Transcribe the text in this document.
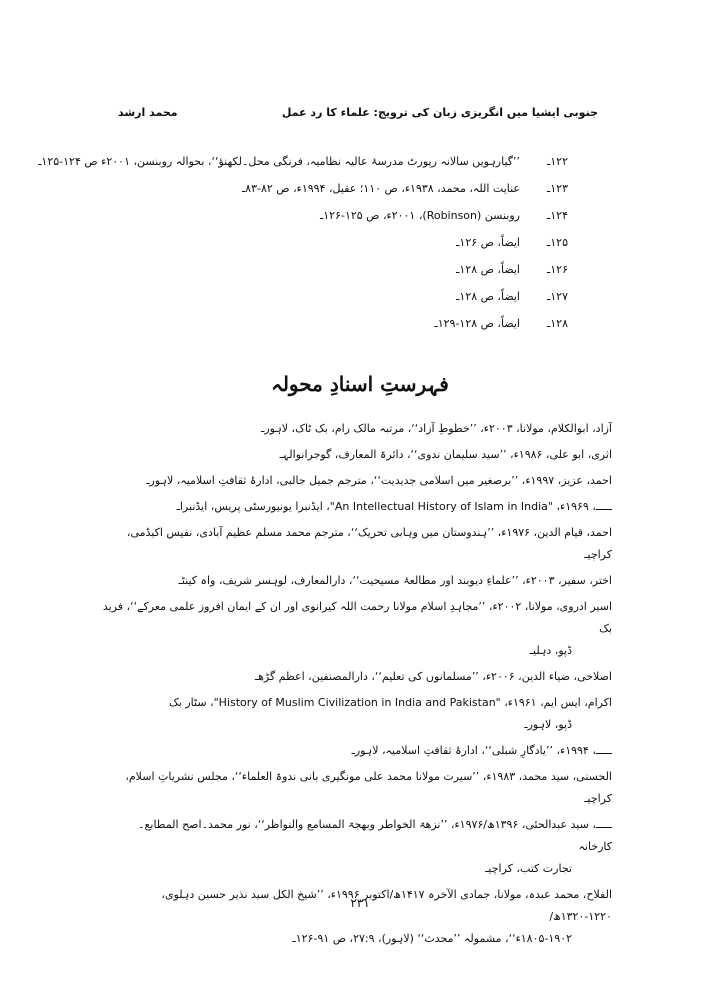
محمد ارشد	جنوبی ایشیا میں انگریزی زبان کی ترویج: علماء کا رد عمل
۱۲۲ـ’’گیارہویں سالانہ رپورٹ مدرسۂ عالیہ نظامیہ، فرنگی محل۔لکھنؤ‘‘، بحوالہ روبنسن، ۲۰۰۱ء ص ۱۲۴-۱۲۵ـ
۱۲۳ـعنایت اللہ، محمد، ۱۹۳۸ء، ص ۱۱۰؛ عقیل، ۱۹۹۴ء، ص ۸۲-۸۳ـ
۱۲۴ـروبنسن (Robinson)، ۲۰۰۱ء، ص ۱۲۵-۱۲۶ـ
۱۲۵ـایضاً، ص ۱۲۶ـ
۱۲۶ـایضاً، ص ۱۲۸ـ
۱۲۷ـایضاً، ص ۱۲۸ـ
۱۲۸ـایضاً، ص ۱۲۸-۱۲۹ـ
فہرستِ اسنادِ محولہ
آزاد، ابوالکلام، مولانا، ۲۰۰۳ء، ’’خطوطِ آزاد‘‘، مرتبہ مالک رام، بک ٹاک، لاہورـ
اثری، ابو علی، ۱۹۸۶ء، ’’سید سلیمان ندوی‘‘، دائرۃ المعارف، گوجرانوالہـ
احمد، عزیز، ۱۹۹۷ء، ’’برصغیر میں اسلامی جدیدیت‘‘، مترجم جمیل جالبی، ادارۂ ثقافتِ اسلامیہ، لاہورـ
ـــــ، ۱۹۶۹ء، "An Intellectual History of Islam in India"، ایڈنبرا یونیورسٹی پریس، ایڈنبراـ
احمد، قیام الدین، ۱۹۷۶ء، ’’ہندوستان میں وہابی تحریک‘‘، مترجم محمد مسلم عظیم آبادی، نفیس اکیڈمی، کراچیـ
اختر، سفیر، ۲۰۰۳ء، ’’علماءِ دیوبند اور مطالعۂ مسیحیت‘‘، دارالمعارف، لوہسر شریف، واہ کینٹـ
اسیر ادروی، مولانا، ۲۰۰۲ء، ’’مجاہدِ اسلام مولانا رحمت اللہ کیرانوی اور ان کے ایمان افروز علمی معرکے‘‘، فرید بک
ڈپو، دہلیـ
اصلاحی، ضیاء الدین، ۲۰۰۶ء، ’’مسلمانوں کی تعلیم‘‘، دارالمصنفین، اعظم گڑھـ
اکرام، ایس ایم، ۱۹۶۱ء، "History of Muslim Civilization in India and Pakistan"، سٹار بک
ڈپو، لاہورـ
ـــــ، ۱۹۹۴ء، ’’یادگارِ شبلی‘‘، ادارۂ ثقافتِ اسلامیہ، لاہورـ
الحسنی، سید محمد، ۱۹۸۳ء، ’’سیرت مولانا محمد علی مونگیری بانی ندوۃ العلماء‘‘، مجلس نشریاتِ اسلام، کراچیـ
ـــــ، سید عبدالحئی، ۱۳۹۶ھ/۱۹۷۶ء، ’’نزھۃ الخواطر وبھجۃ المسامع والنواظر‘‘، نور محمد۔اصح المطابع۔ کارخانہ
تجارت کتب، کراچیـ
الفلاح، محمد عبدہ، مولانا، جمادی الآخرہ ۱۴۱۷ھ/اکتوبر ۱۹۹۶ء، ’’شیخ الکل سید نذیر حسین دہلوی، ۱۲۲۰-۱۳۲۰ھ/
۱۸۰۵-۱۹۰۲ء‘‘، مشمولہ ’’محدث‘‘ (لاہور)، ۲۷:۹، ص ۹۱-۱۲۶ـ
۲۳۱
